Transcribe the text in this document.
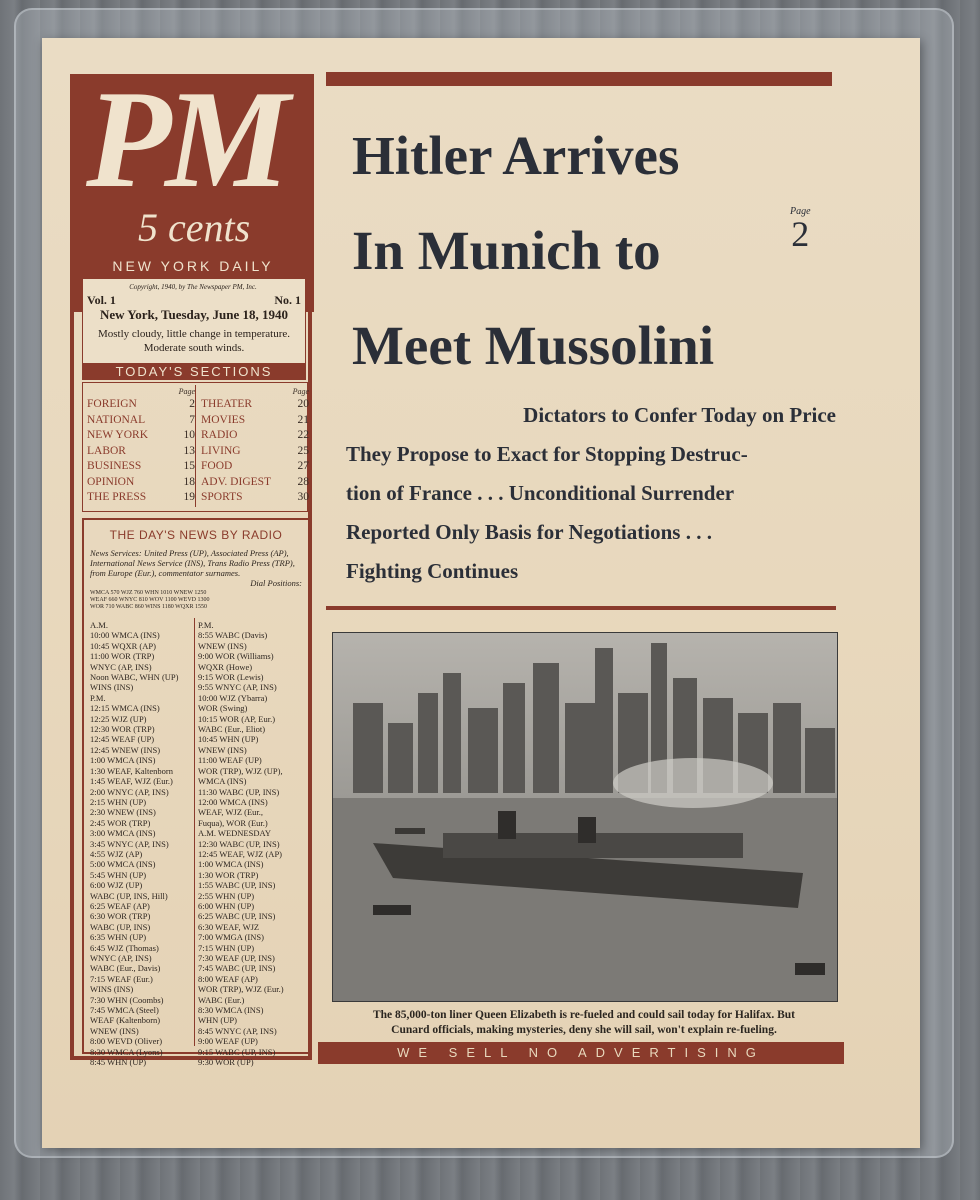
PM
5 cents
NEW YORK DAILY
Copyright, 1940, by The Newspaper PM, Inc.
Vol. 1	No. 1
New York, Tuesday, June 18, 1940
Mostly cloudy, little change in temperature.
Moderate south winds.
TODAY'S SECTIONS
Page
FOREIGN	2
NATIONAL	7
NEW YORK	10
LABOR	13
BUSINESS	15
OPINION	18
THE PRESS	19
Page
THEATER	20
MOVIES	21
RADIO	22
LIVING	25
FOOD	27
ADV. DIGEST 28
SPORTS	30
THE DAY'S NEWS BY RADIO
News Services: United Press (UP), Associated Press (AP), International News Service (INS), Trans Radio Press (TRP), from Europe (Eur.), commentator surnames.
Dial Positions:
WMCA 570 WJZ 760 WHN 1010 WNEW 1250
WEAF 660 WNYC 810 WOV 1100 WEVD 1300
WOR 710 WABC 860 WINS 1180 WQXR 1550
A.M.
10:00 WMCA (INS)
10:45 WQXR (AP)
11:00 WOR (TRP)
WNYC (AP, INS)
Noon WABC, WHN (UP)
WINS (INS)
P.M.
12:15 WMCA (INS)
12:25 WJZ (UP)
12:30 WOR (TRP)
12:45 WEAF (UP)
12:45 WNEW (INS)
1:00 WMCA (INS)
1:30 WEAF, Kaltenborn
1:45 WEAF, WJZ (Eur.)
2:00 WNYC (AP, INS)
2:15 WHN (UP)
2:30 WNEW (INS)
2:45 WOR (TRP)
3:00 WMCA (INS)
3:45 WNYC (AP, INS)
4:55 WJZ (AP)
5:00 WMCA (INS)
5:45 WHN (UP)
6:00 WJZ (UP)
WABC (UP, INS, Hill)
6:25 WEAF (AP)
6:30 WOR (TRP)
WABC (UP, INS)
6:35 WHN (UP)
6:45 WJZ (Thomas)
WNYC (AP, INS)
WABC (Eur., Davis)
7:15 WEAF (Eur.)
WINS (INS)
7:30 WHN (Coombs)
7:45 WMCA (Steel)
WEAF (Kaltenborn)
WNEW (INS)
8:00 WEVD (Oliver)
8:30 WMCA (Lyons)
8:45 WHN (UP)
P.M.
8:55 WABC (Davis)
WNEW (INS)
9:00 WOR (Williams)
WQXR (Howe)
9:15 WOR (Lewis)
9:55 WNYC (AP, INS)
10:00 WJZ (Ybarra)
WOR (Swing)
10:15 WOR (AP, Eur.)
WABC (Eur., Eliot)
10:45 WHN (UP)
WNEW (INS)
11:00 WEAF (UP)
WOR (TRP), WJZ (UP),
WMCA (INS)
11:30 WABC (UP, INS)
12:00 WMCA (INS)
WEAF, WJZ (Eur.,
Fuqua), WOR (Eur.)
A.M. WEDNESDAY
12:30 WABC (UP, INS)
12:45 WEAF, WJZ (AP)
1:00 WMCA (INS)
1:30 WOR (TRP)
1:55 WABC (UP, INS)
2:55 WHN (UP)
6:00 WHN (UP)
6:25 WABC (UP, INS)
6:30 WEAF, WJZ
7:00 WMGA (INS)
7:15 WHN (UP)
7:30 WEAF (UP, INS)
7:45 WABC (UP, INS)
8:00 WEAF (AP)
WOR (TRP), WJZ (Eur.)
WABC (Eur.)
8:30 WMCA (INS)
WHN (UP)
8:45 WNYC (AP, INS)
9:00 WEAF (UP)
9:15 WABC (UP, INS)
9:30 WOR (UP)
Hitler Arrives
In Munich to
Meet Mussolini
Page
2
Dictators to Confer Today on Price
They Propose to Exact for Stopping Destruc-
tion of France . . . Unconditional Surrender
Reported Only Basis for Negotiations . . .
Fighting Continues
The 85,000-ton liner Queen Elizabeth is re-fueled and could sail today for Halifax. But
Cunard officials, making mysteries, deny she will sail, won't explain re-fueling.
WE SELL NO ADVERTISING
